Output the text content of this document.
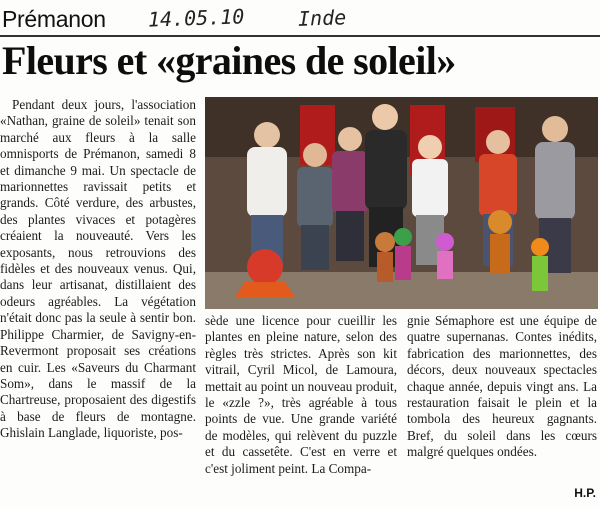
Prémanon 14.05.10	Inde
Fleurs et «graines de soleil»

Pendant deux jours, l'association «Nathan, graine de soleil» tenait son marché aux fleurs à la salle omnisports de Prémanon, samedi 8 et dimanche 9 mai. Un spectacle de marionnettes ravissait petits et grands. Côté verdure, des arbustes, des plantes vivaces et potagères créaient la nouveauté. Vers les exposants, nous retrouvions des fidèles et des nouveaux venus. Qui, dans leur artisanat, distillaient des odeurs agréables. La végétation n'était donc pas la seule à sentir bon. Philippe Charmier, de Savigny-en-Revermont proposait ses créations en cuir. Les «Saveurs du Charmant Som», dans le massif de la Chartreuse, proposaient des digestifs à base de fleurs de montagne. Ghislain Langlade, liquoriste, pos-

sède une licence pour cueillir les plantes en pleine nature, selon des règles très strictes. Après son kit vitrail, Cyril Micol, de Lamoura, mettait au point un nouveau produit, le «zzle ?», très agréable à tous points de vue. Une grande variété de modèles, qui relèvent du puzzle et du cassetête. C'est en verre et c'est joliment peint. La Compa-

gnie Sémaphore est une équipe de quatre supernanas. Contes inédits, fabrication des marionnettes, des décors, deux nouveaux spectacles chaque année, depuis vingt ans. La restauration faisait le plein et la tombola des heureux gagnants. Bref, du soleil dans les cœurs malgré quelques ondées.

H.P.
